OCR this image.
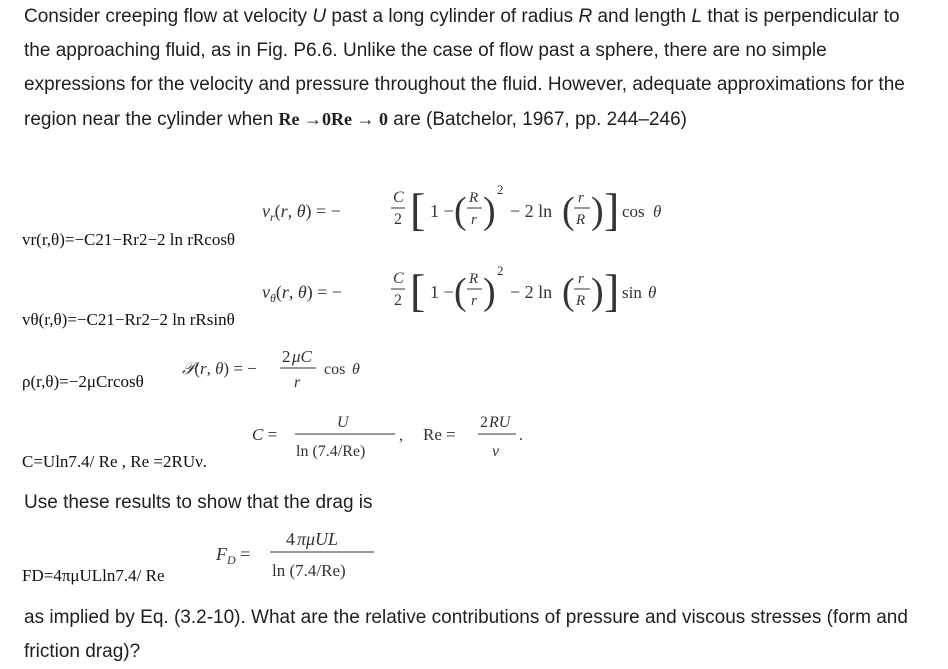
Consider creeping flow at velocity U past a long cylinder of radius R and length L that is perpendicular to the approaching fluid, as in Fig. P6.6. Unlike the case of flow past a sphere, there are no simple expressions for the velocity and pressure throughout the fluid. However, adequate approximations for the region near the cylinder when Re →0Re → 0 are (Batchelor, 1967, pp. 244–246)
$v_r(r$, θ) = −
C
2 [ 1 − ( R
r )
2
− 2 ln ( r
R ) ] cos θ
vr(r,θ)=−C21−Rr2−2 ln rRcosθ
$v_\theta(r$, θ) = −
C
2 [ 1 − ( R
r )
2
− 2 ln ( r
R ) ] sin θ
vθ(r,θ)=−C21−Rr2−2 ln rRsinθ
𝒫(r, θ) = −
2 μC
r
cos θ
ρ(r,θ)=−2μCrcosθ
C =
U
ln (7.4/Re)
, Re =
2 RU
ν
.
C=Uln7.4/ Re , Re =2RUν.
Use these results to show that the drag is
$F_D$ =
4 πμUL
ln (7.4/Re)
FD=4πμULln7.4/ Re
as implied by Eq. (3.2-10). What are the relative contributions of pressure and viscous stresses (form and friction drag)?
